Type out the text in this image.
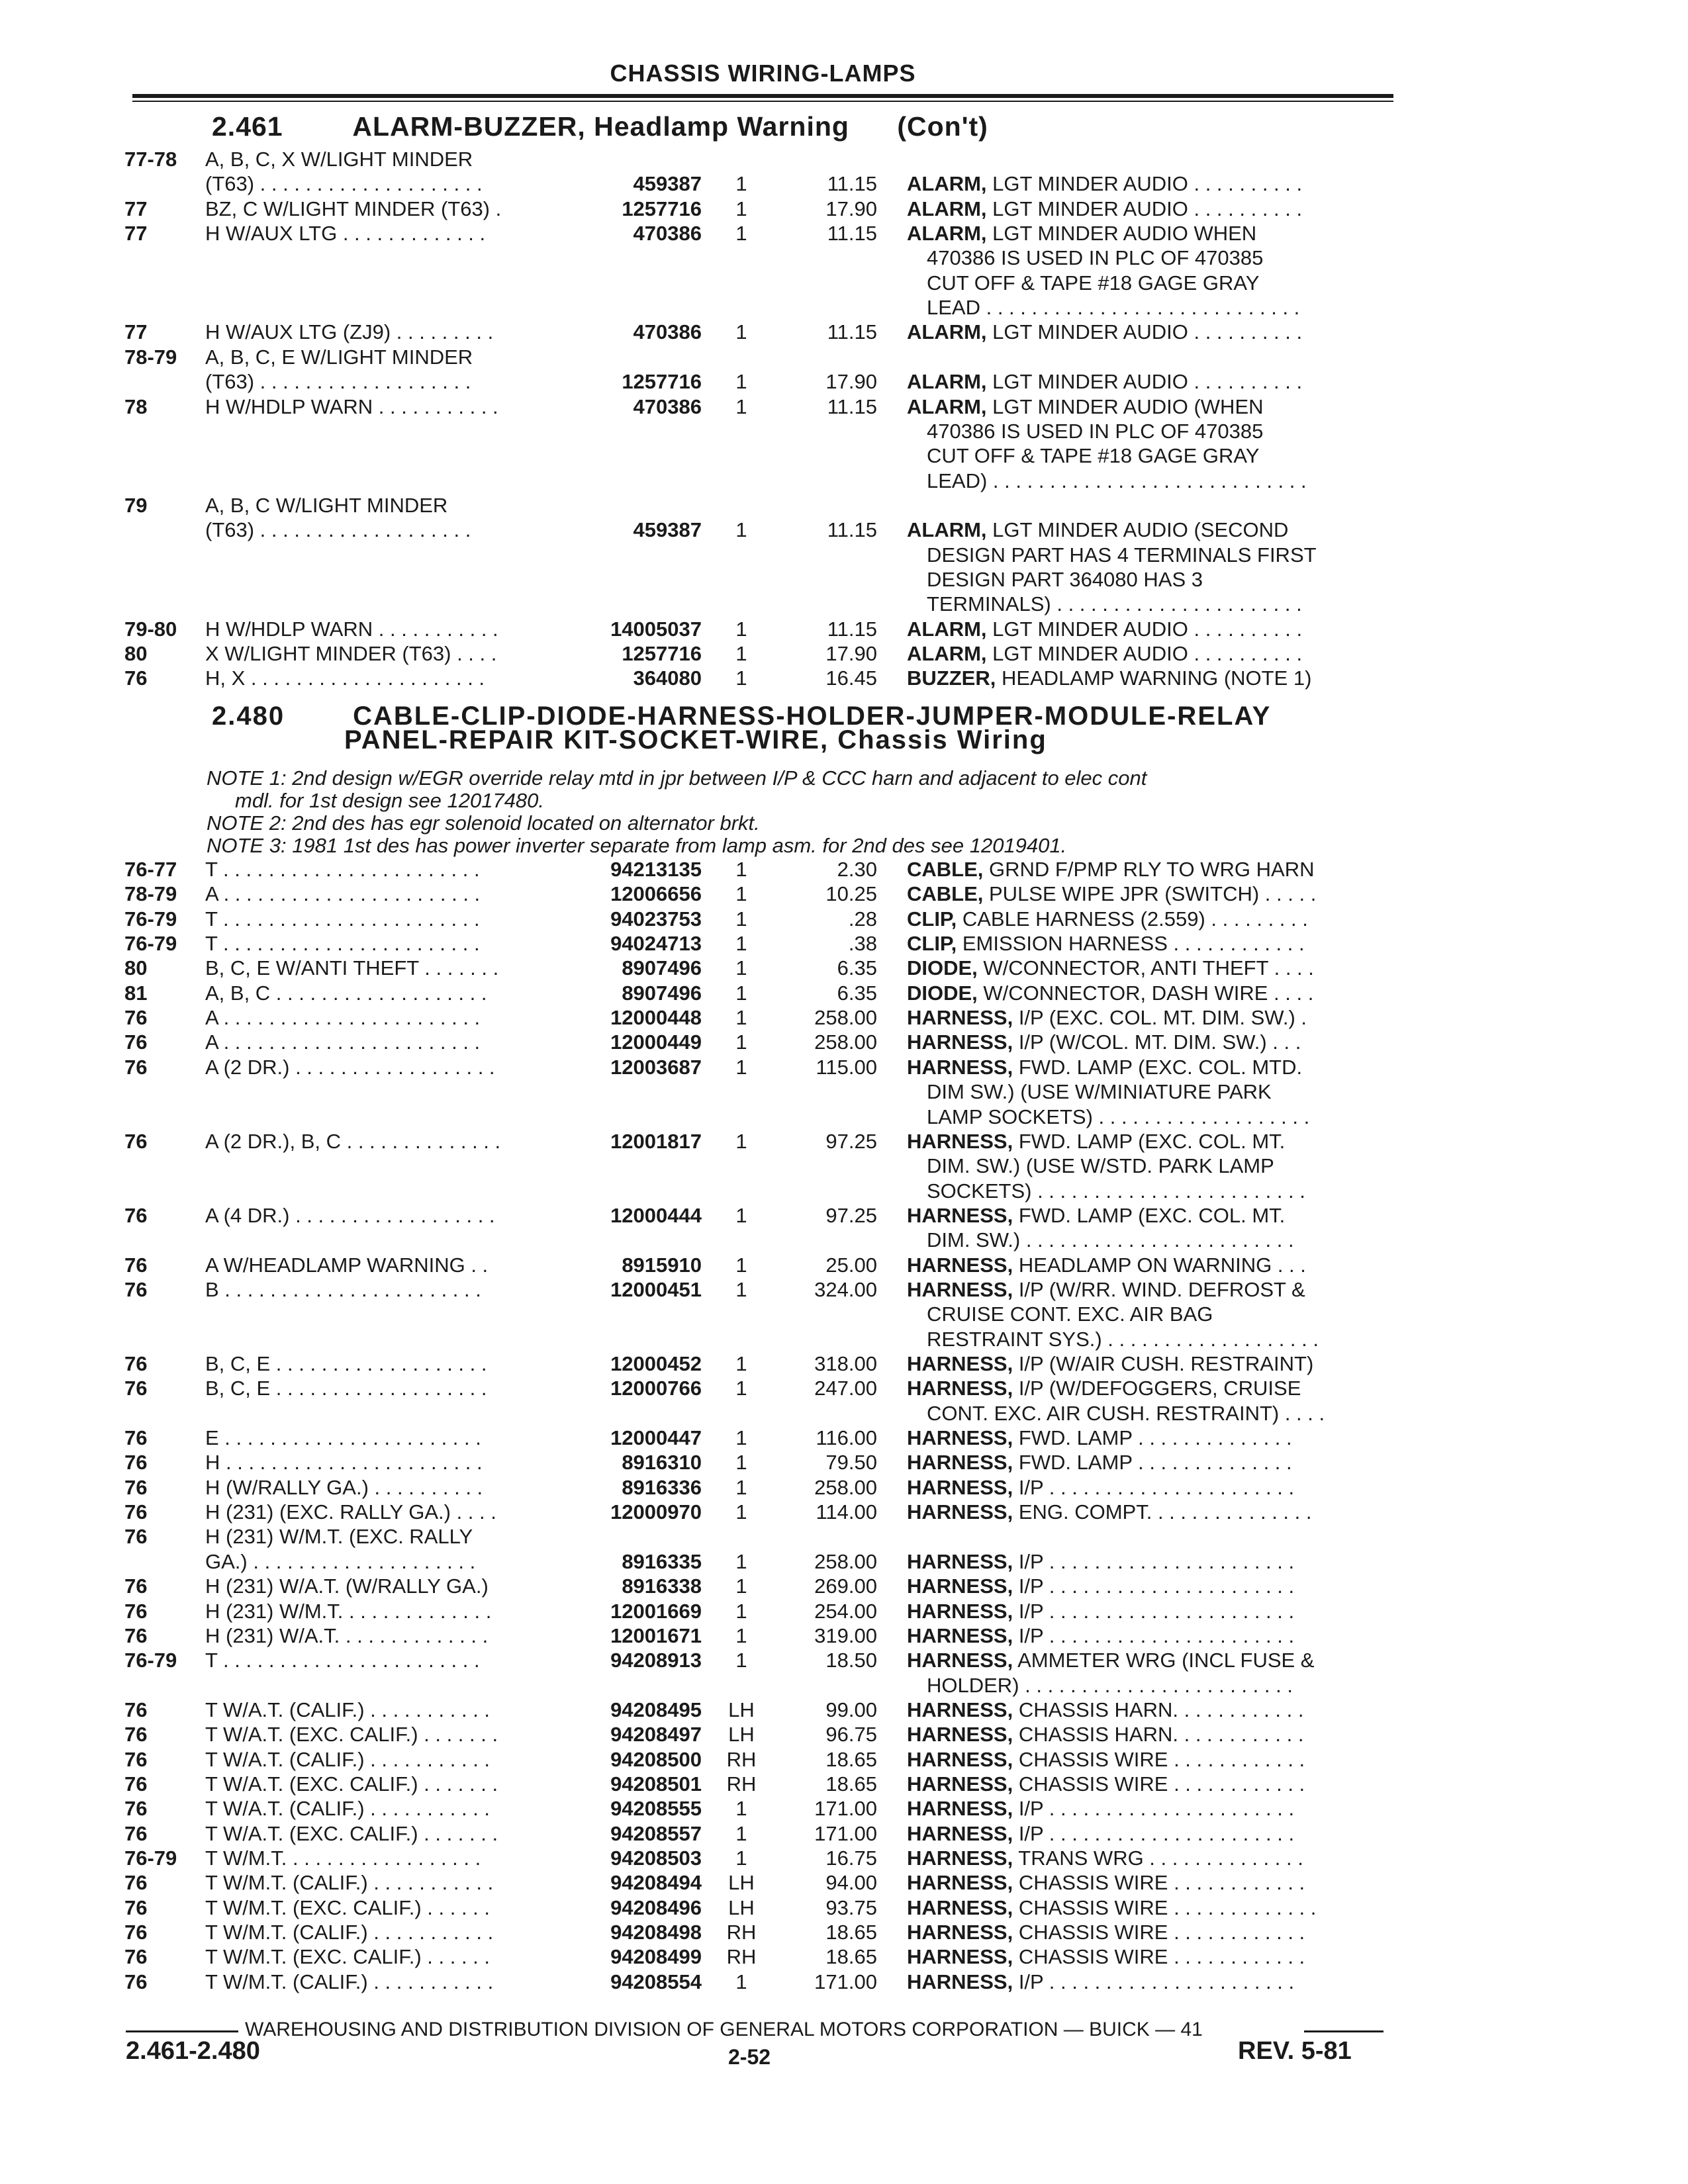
CHASSIS WIRING-LAMPS
2.461	ALARM-BUZZER, Headlamp Warning (Con't)
77-78 A, B, C, X W/LIGHT MINDER
(T63) . . . . . . . . . . . . . . . . . . . .	459387	1	11.15 ALARM, LGT MINDER AUDIO . . . . . . . . . .
77	BZ, C W/LIGHT MINDER (T63) .	1257716	1	17.90 ALARM, LGT MINDER AUDIO . . . . . . . . . .
77	H W/AUX LTG . . . . . . . . . . . . .	470386	1	11.15 ALARM, LGT MINDER AUDIO WHEN
470386 IS USED IN PLC OF 470385
CUT OFF & TAPE #18 GAGE GRAY
LEAD . . . . . . . . . . . . . . . . . . . . . . . . . . . .
77	H W/AUX LTG (ZJ9) . . . . . . . . .	470386	1	11.15 ALARM, LGT MINDER AUDIO . . . . . . . . . .
78-79 A, B, C, E W/LIGHT MINDER
(T63) . . . . . . . . . . . . . . . . . . .	1257716	1	17.90 ALARM, LGT MINDER AUDIO . . . . . . . . . .
78	H W/HDLP WARN . . . . . . . . . . .	470386	1	11.15 ALARM, LGT MINDER AUDIO (WHEN
470386 IS USED IN PLC OF 470385
CUT OFF & TAPE #18 GAGE GRAY
LEAD) . . . . . . . . . . . . . . . . . . . . . . . . . . . .
79	A, B, C W/LIGHT MINDER
(T63) . . . . . . . . . . . . . . . . . . .	459387	1	11.15 ALARM, LGT MINDER AUDIO (SECOND
DESIGN PART HAS 4 TERMINALS FIRST
DESIGN PART 364080 HAS 3
TERMINALS) . . . . . . . . . . . . . . . . . . . . . .
79-80 H W/HDLP WARN . . . . . . . . . . .	14005037	1	11.15 ALARM, LGT MINDER AUDIO . . . . . . . . . .
80	X W/LIGHT MINDER (T63) . . . .	1257716	1	17.90 ALARM, LGT MINDER AUDIO . . . . . . . . . .
76	H, X . . . . . . . . . . . . . . . . . . . . .	364080	1	16.45 BUZZER, HEADLAMP WARNING (NOTE 1)
2.480	CABLE-CLIP-DIODE-HARNESS-HOLDER-JUMPER-MODULE-RELAY
PANEL-REPAIR KIT-SOCKET-WIRE, Chassis Wiring
NOTE 1: 2nd design w/EGR override relay mtd in jpr between I/P & CCC harn and adjacent to elec cont
mdl. for 1st design see 12017480.
NOTE 2: 2nd des has egr solenoid located on alternator brkt.
NOTE 3: 1981 1st des has power inverter separate from lamp asm. for 2nd des see 12019401.
76-77 T . . . . . . . . . . . . . . . . . . . . . . .	94213135	1	2.30 CABLE, GRND F/PMP RLY TO WRG HARN
78-79 A . . . . . . . . . . . . . . . . . . . . . . .	12006656	1	10.25 CABLE, PULSE WIPE JPR (SWITCH) . . . . .
76-79 T . . . . . . . . . . . . . . . . . . . . . . .	94023753	1	.28 CLIP, CABLE HARNESS (2.559) . . . . . . . . .
76-79 T . . . . . . . . . . . . . . . . . . . . . . .	94024713	1	.38 CLIP, EMISSION HARNESS . . . . . . . . . . . .
80	B, C, E W/ANTI THEFT . . . . . . .	8907496	1	6.35 DIODE, W/CONNECTOR, ANTI THEFT . . . .
81	A, B, C . . . . . . . . . . . . . . . . . . .	8907496	1	6.35 DIODE, W/CONNECTOR, DASH WIRE . . . .
76	A . . . . . . . . . . . . . . . . . . . . . . .	12000448	1	258.00 HARNESS, I/P (EXC. COL. MT. DIM. SW.) .
76	A . . . . . . . . . . . . . . . . . . . . . . .	12000449	1	258.00 HARNESS, I/P (W/COL. MT. DIM. SW.) . . .
76	A (2 DR.) . . . . . . . . . . . . . . . . . .	12003687	1	115.00 HARNESS, FWD. LAMP (EXC. COL. MTD.
DIM SW.) (USE W/MINIATURE PARK
LAMP SOCKETS) . . . . . . . . . . . . . . . . . . .
76	A (2 DR.), B, C . . . . . . . . . . . . . .	12001817	1	97.25 HARNESS, FWD. LAMP (EXC. COL. MT.
DIM. SW.) (USE W/STD. PARK LAMP
SOCKETS) . . . . . . . . . . . . . . . . . . . . . . . .
76	A (4 DR.) . . . . . . . . . . . . . . . . . .	12000444	1	97.25 HARNESS, FWD. LAMP (EXC. COL. MT.
DIM. SW.) . . . . . . . . . . . . . . . . . . . . . . . .
76	A W/HEADLAMP WARNING . .	8915910	1	25.00 HARNESS, HEADLAMP ON WARNING . . .
76	B . . . . . . . . . . . . . . . . . . . . . . .	12000451	1	324.00 HARNESS, I/P (W/RR. WIND. DEFROST &
CRUISE CONT. EXC. AIR BAG
RESTRAINT SYS.) . . . . . . . . . . . . . . . . . . .
76	B, C, E . . . . . . . . . . . . . . . . . . .	12000452	1	318.00 HARNESS, I/P (W/AIR CUSH. RESTRAINT)
76	B, C, E . . . . . . . . . . . . . . . . . . .	12000766	1	247.00 HARNESS, I/P (W/DEFOGGERS, CRUISE
CONT. EXC. AIR CUSH. RESTRAINT) . . . .
76	E . . . . . . . . . . . . . . . . . . . . . . .	12000447	1	116.00 HARNESS, FWD. LAMP . . . . . . . . . . . . . .
76	H . . . . . . . . . . . . . . . . . . . . . . .	8916310	1	79.50 HARNESS, FWD. LAMP . . . . . . . . . . . . . .
76	H (W/RALLY GA.) . . . . . . . . . .	8916336	1	258.00 HARNESS, I/P . . . . . . . . . . . . . . . . . . . . . .
76	H (231) (EXC. RALLY GA.) . . . .	12000970	1	114.00 HARNESS, ENG. COMPT. . . . . . . . . . . . . . .
76	H (231) W/M.T. (EXC. RALLY
GA.) . . . . . . . . . . . . . . . . . . . .	8916335	1	258.00 HARNESS, I/P . . . . . . . . . . . . . . . . . . . . . .
76	H (231) W/A.T. (W/RALLY GA.)	8916338	1	269.00 HARNESS, I/P . . . . . . . . . . . . . . . . . . . . . .
76	H (231) W/M.T. . . . . . . . . . . . . .	12001669	1	254.00 HARNESS, I/P . . . . . . . . . . . . . . . . . . . . . .
76	H (231) W/A.T. . . . . . . . . . . . . .	12001671	1	319.00 HARNESS, I/P . . . . . . . . . . . . . . . . . . . . . .
76-79 T . . . . . . . . . . . . . . . . . . . . . . .	94208913	1	18.50 HARNESS, AMMETER WRG (INCL FUSE &
HOLDER) . . . . . . . . . . . . . . . . . . . . . . . .
76	T W/A.T. (CALIF.) . . . . . . . . . . .	94208495	LH	99.00 HARNESS, CHASSIS HARN. . . . . . . . . . . .
76	T W/A.T. (EXC. CALIF.) . . . . . . .	94208497	LH	96.75 HARNESS, CHASSIS HARN. . . . . . . . . . . .
76	T W/A.T. (CALIF.) . . . . . . . . . . .	94208500	RH	18.65 HARNESS, CHASSIS WIRE . . . . . . . . . . . .
76	T W/A.T. (EXC. CALIF.) . . . . . . .	94208501	RH	18.65 HARNESS, CHASSIS WIRE . . . . . . . . . . . .
76	T W/A.T. (CALIF.) . . . . . . . . . . .	94208555	1	171.00 HARNESS, I/P . . . . . . . . . . . . . . . . . . . . . .
76	T W/A.T. (EXC. CALIF.) . . . . . . .	94208557	1	171.00 HARNESS, I/P . . . . . . . . . . . . . . . . . . . . . .
76-79 T W/M.T. . . . . . . . . . . . . . . . . .	94208503	1	16.75 HARNESS, TRANS WRG . . . . . . . . . . . . . .
76	T W/M.T. (CALIF.) . . . . . . . . . . .	94208494	LH	94.00 HARNESS, CHASSIS WIRE . . . . . . . . . . . .
76	T W/M.T. (EXC. CALIF.) . . . . . .	94208496	LH	93.75 HARNESS, CHASSIS WIRE . . . . . . . . . . . . .
76	T W/M.T. (CALIF.) . . . . . . . . . . .	94208498	RH	18.65 HARNESS, CHASSIS WIRE . . . . . . . . . . . .
76	T W/M.T. (EXC. CALIF.) . . . . . .	94208499	RH	18.65 HARNESS, CHASSIS WIRE . . . . . . . . . . . .
76	T W/M.T. (CALIF.) . . . . . . . . . . .	94208554	1	171.00 HARNESS, I/P . . . . . . . . . . . . . . . . . . . . . .
WAREHOUSING AND DISTRIBUTION DIVISION OF GENERAL MOTORS CORPORATION — BUICK — 41
2.461-2.480	2-52	REV. 5-81
